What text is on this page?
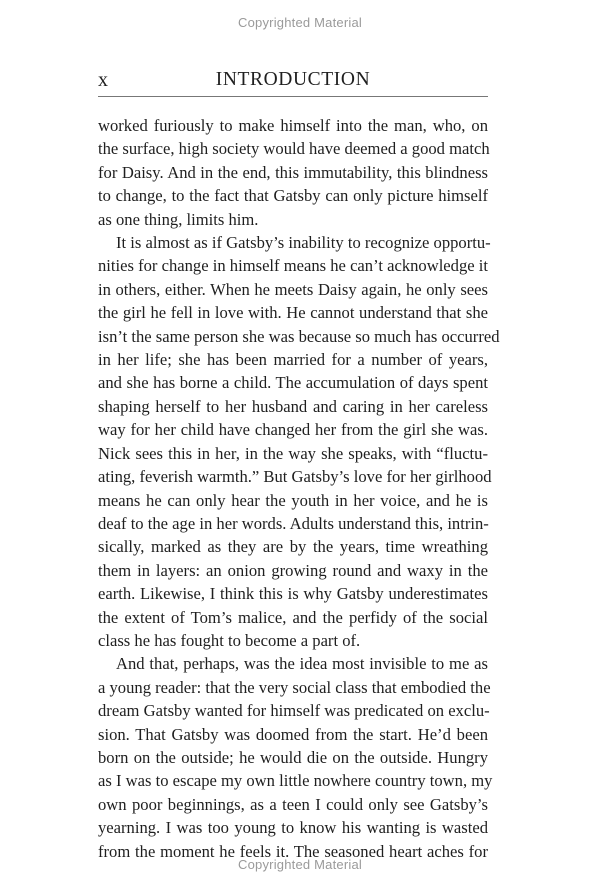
Copyrighted Material
x	INTRODUCTION
worked furiously to make himself into the man, who, on
the surface, high society would have deemed a good match
for Daisy. And in the end, this immutability, this blindness
to change, to the fact that Gatsby can only picture himself
as one thing, limits him.
It is almost as if Gatsby’s inability to recognize opportu-
nities for change in himself means he can’t acknowledge it
in others, either. When he meets Daisy again, he only sees
the girl he fell in love with. He cannot understand that she
isn’t the same person she was because so much has occurred
in her life; she has been married for a number of years,
and she has borne a child. The accumulation of days spent
shaping herself to her husband and caring in her careless
way for her child have changed her from the girl she was.
Nick sees this in her, in the way she speaks, with “fluctu-
ating, feverish warmth.” But Gatsby’s love for her girlhood
means he can only hear the youth in her voice, and he is
deaf to the age in her words. Adults understand this, intrin-
sically, marked as they are by the years, time wreathing
them in layers: an onion growing round and waxy in the
earth. Likewise, I think this is why Gatsby underestimates
the extent of Tom’s malice, and the perfidy of the social
class he has fought to become a part of.
And that, perhaps, was the idea most invisible to me as
a young reader: that the very social class that embodied the
dream Gatsby wanted for himself was predicated on exclu-
sion. That Gatsby was doomed from the start. He’d been
born on the outside; he would die on the outside. Hungry
as I was to escape my own little nowhere country town, my
own poor beginnings, as a teen I could only see Gatsby’s
yearning. I was too young to know his wanting is wasted
from the moment he feels it. The seasoned heart aches for
Copyrighted Material
